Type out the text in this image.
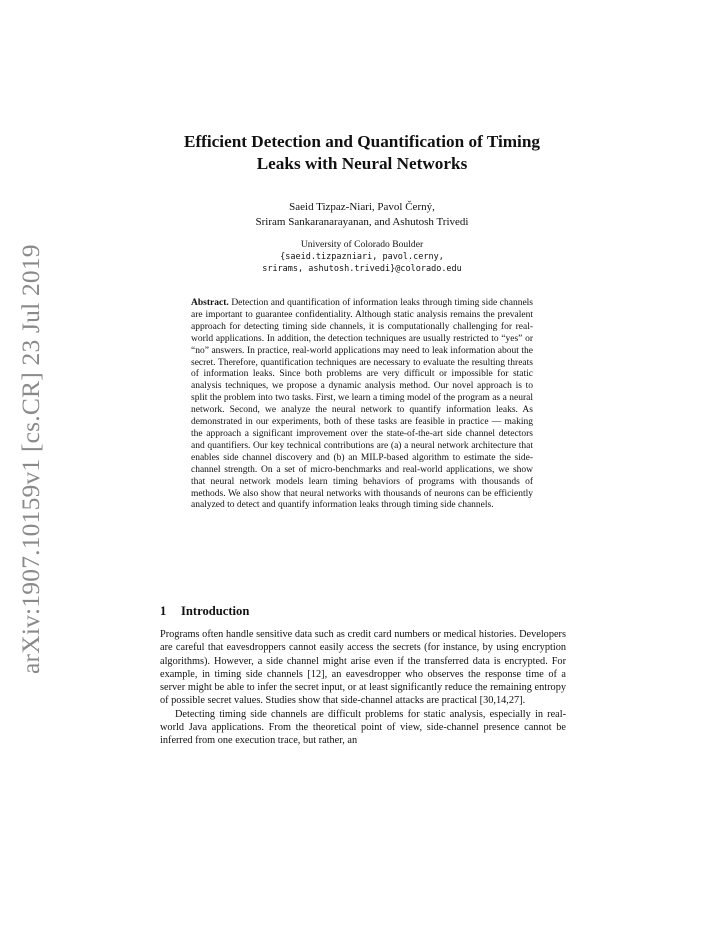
arXiv:1907.10159v1 [cs.CR] 23 Jul 2019
Efficient Detection and Quantification of Timing
Leaks with Neural Networks
Saeid Tizpaz-Niari, Pavol Černý,
Sriram Sankaranarayanan, and Ashutosh Trivedi
University of Colorado Boulder
{saeid.tizpazniari, pavol.cerny,
srirams, ashutosh.trivedi}@colorado.edu
Abstract. Detection and quantification of information leaks through timing side channels are important to guarantee confidentiality. Although static analysis remains the prevalent approach for detecting timing side channels, it is computationally challenging for real-world applications. In addition, the detection techniques are usually restricted to “yes” or “no” answers. In practice, real-world applications may need to leak information about the secret. Therefore, quantification techniques are necessary to evaluate the resulting threats of information leaks. Since both problems are very difficult or impossible for static analysis techniques, we propose a dynamic analysis method. Our novel approach is to split the problem into two tasks. First, we learn a timing model of the program as a neural network. Second, we analyze the neural network to quantify information leaks. As demonstrated in our experiments, both of these tasks are feasible in practice — making the approach a significant improvement over the state-of-the-art side channel detectors and quantifiers. Our key technical contributions are (a) a neural network architecture that enables side channel discovery and (b) an MILP-based algorithm to estimate the side-channel strength. On a set of micro-benchmarks and real-world applications, we show that neural network models learn timing behaviors of programs with thousands of methods. We also show that neural networks with thousands of neurons can be efficiently analyzed to detect and quantify information leaks through timing side channels.
1 Introduction

Programs often handle sensitive data such as credit card numbers or medical histories. Developers are careful that eavesdroppers cannot easily access the secrets (for instance, by using encryption algorithms). However, a side channel might arise even if the transferred data is encrypted. For example, in timing side channels [12], an eavesdropper who observes the response time of a server might be able to infer the secret input, or at least significantly reduce the remaining entropy of possible secret values. Studies show that side-channel attacks are practical [30,14,27].

Detecting timing side channels are difficult problems for static analysis, especially in real-world Java applications. From the theoretical point of view, side-channel presence cannot be inferred from one execution trace, but rather, an
